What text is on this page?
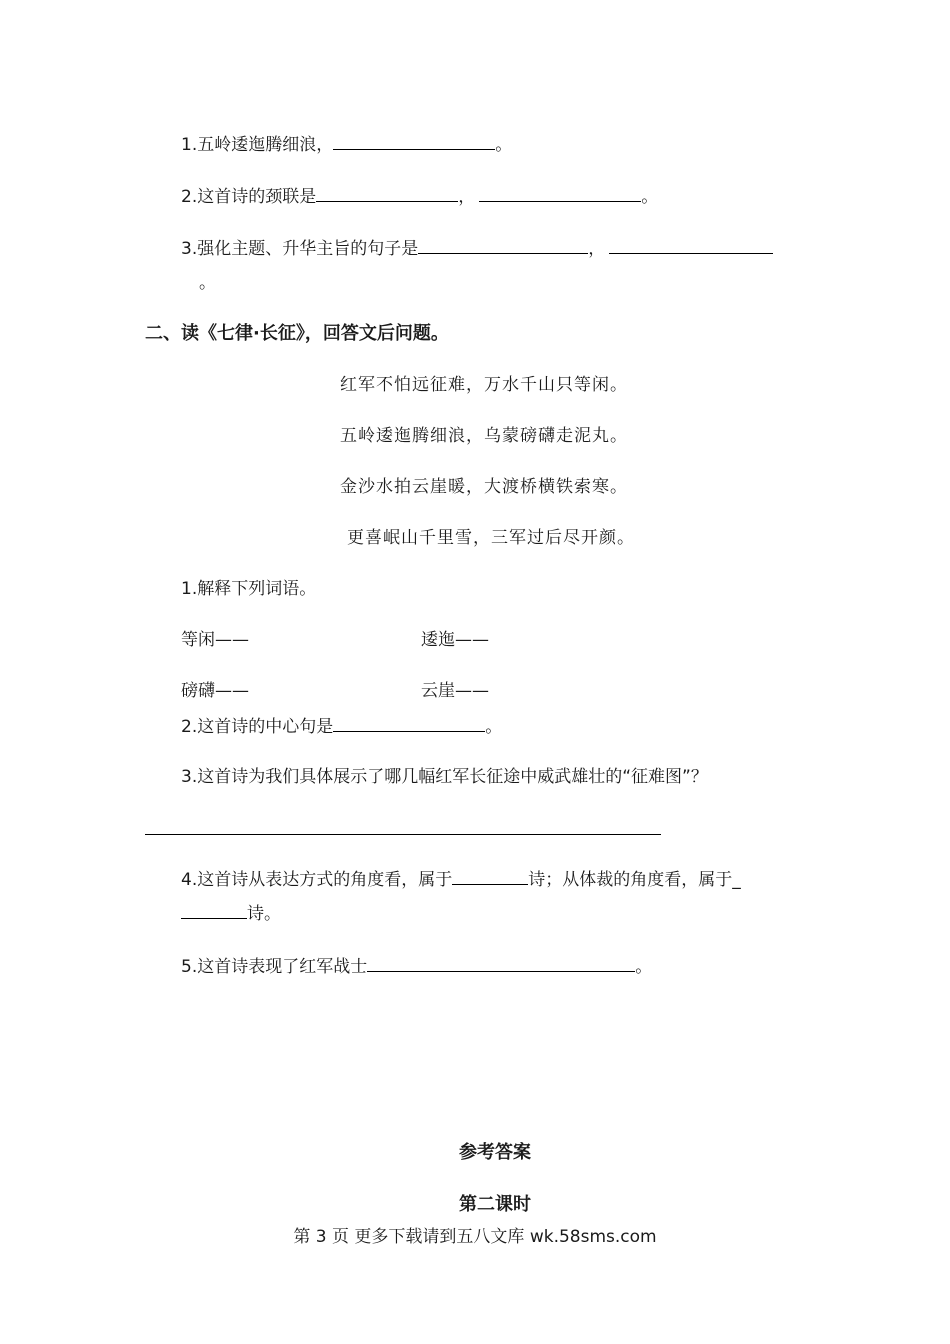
1.五岭逶迤腾细浪，	。
2.这首诗的颈联是	，	。
3.强化主题、升华主旨的句子是	，
。
二、读《七律·长征》，回答文后问题。
红军不怕远征难，万水千山只等闲。
五岭逶迤腾细浪，乌蒙磅礴走泥丸。
金沙水拍云崖暖，大渡桥横铁索寒。
更喜岷山千里雪，三军过后尽开颜。
1.解释下列词语。
等闲——	逶迤——
磅礴——	云崖——
2.这首诗的中心句是	。
3.这首诗为我们具体展示了哪几幅红军长征途中威武雄壮的“征难图”？
4.这首诗从表达方式的角度看，属于	诗；从体裁的角度看，属于_
诗。
5.这首诗表现了红军战士	。
参考答案
第二课时
第 3 页 更多下载请到五八文库 wk.58sms.com
